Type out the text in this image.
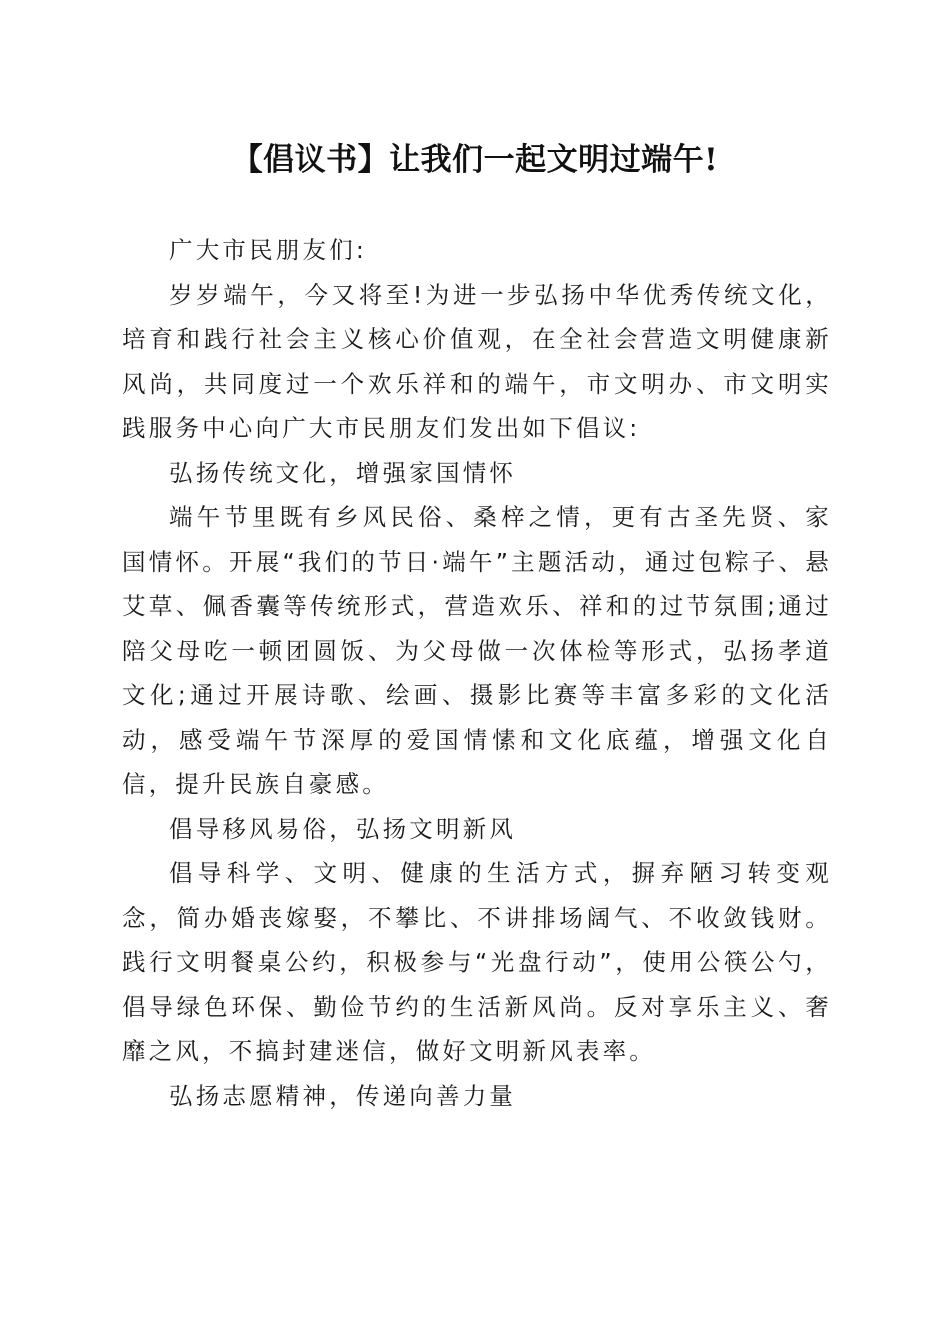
【倡议书】让我们一起文明过端午!

广大市民朋友们:

岁岁端午，今又将至!为进一步弘扬中华优秀传统文化，培育和践行社会主义核心价值观，在全社会营造文明健康新风尚，共同度过一个欢乐祥和的端午，市文明办、市文明实践服务中心向广大市民朋友们发出如下倡议:

弘扬传统文化，增强家国情怀

端午节里既有乡风民俗、桑梓之情，更有古圣先贤、家国情怀。开展“我们的节日·端午”主题活动，通过包粽子、悬艾草、佩香囊等传统形式，营造欢乐、祥和的过节氛围;通过陪父母吃一顿团圆饭、为父母做一次体检等形式，弘扬孝道文化;通过开展诗歌、绘画、摄影比赛等丰富多彩的文化活动，感受端午节深厚的爱国情愫和文化底蕴，增强文化自信，提升民族自豪感。

倡导移风易俗，弘扬文明新风

倡导科学、文明、健康的生活方式，摒弃陋习转变观念，简办婚丧嫁娶，不攀比、不讲排场阔气、不收敛钱财。践行文明餐桌公约，积极参与“光盘行动”，使用公筷公勺，倡导绿色环保、勤俭节约的生活新风尚。反对享乐主义、奢靡之风，不搞封建迷信，做好文明新风表率。

弘扬志愿精神，传递向善力量
